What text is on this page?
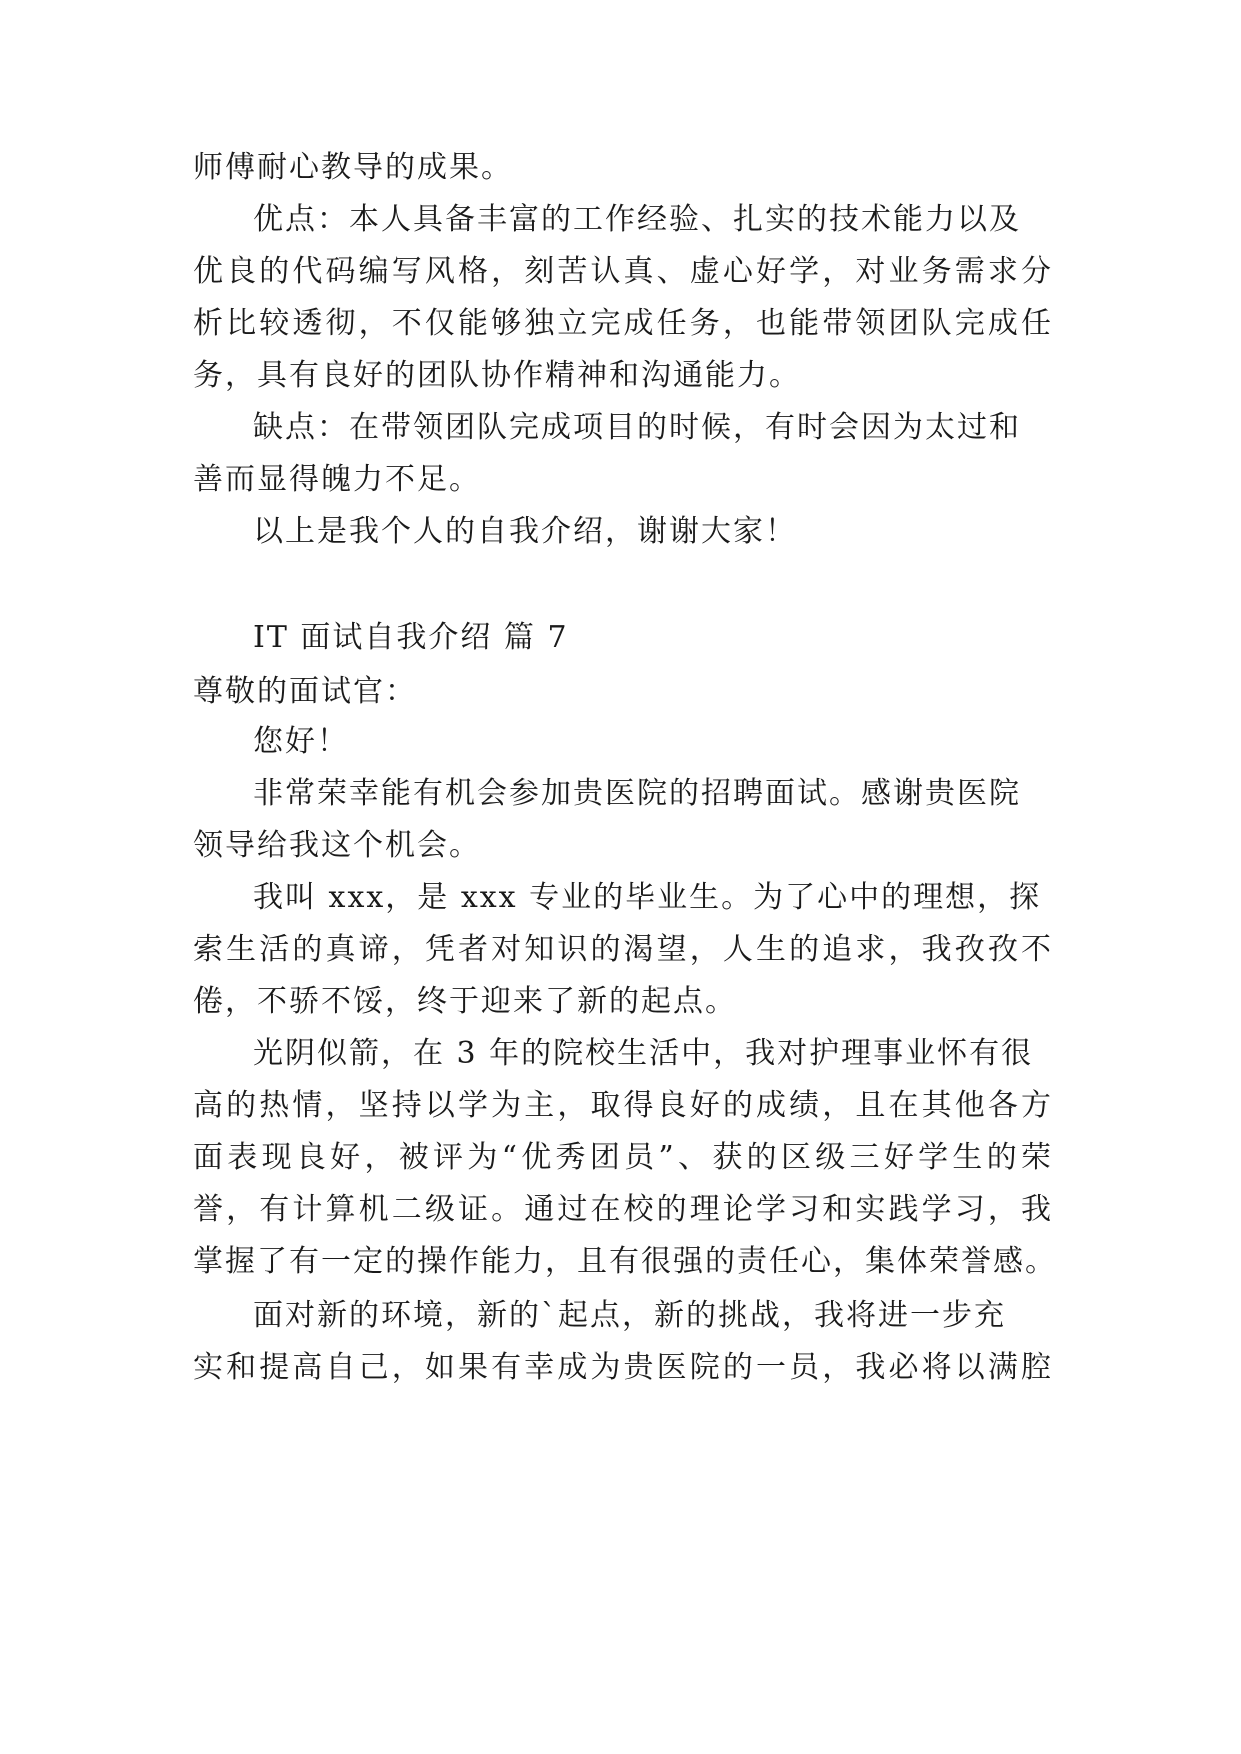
师傅耐心教导的成果。
优点：本人具备丰富的工作经验、扎实的技术能力以及
优良的代码编写风格，刻苦认真、虚心好学，对业务需求分
析比较透彻，不仅能够独立完成任务，也能带领团队完成任
务，具有良好的团队协作精神和沟通能力。
缺点：在带领团队完成项目的时候，有时会因为太过和
善而显得魄力不足。
以上是我个人的自我介绍，谢谢大家！
IT 面试自我介绍 篇 7
尊敬的面试官：
您好！
非常荣幸能有机会参加贵医院的招聘面试。感谢贵医院
领导给我这个机会。
我叫 xxx，是 xxx 专业的毕业生。为了心中的理想，探
索生活的真谛，凭者对知识的渴望，人生的追求，我孜孜不
倦，不骄不馁，终于迎来了新的起点。
光阴似箭，在 3 年的院校生活中，我对护理事业怀有很
高的热情，坚持以学为主，取得良好的成绩，且在其他各方
面表现良好，被评为“优秀团员”、获的区级三好学生的荣
誉，有计算机二级证。通过在校的理论学习和实践学习，我
掌握了有一定的操作能力，且有很强的责任心，集体荣誉感。
面对新的环境，新的`起点，新的挑战，我将进一步充
实和提高自己，如果有幸成为贵医院的一员，我必将以满腔
